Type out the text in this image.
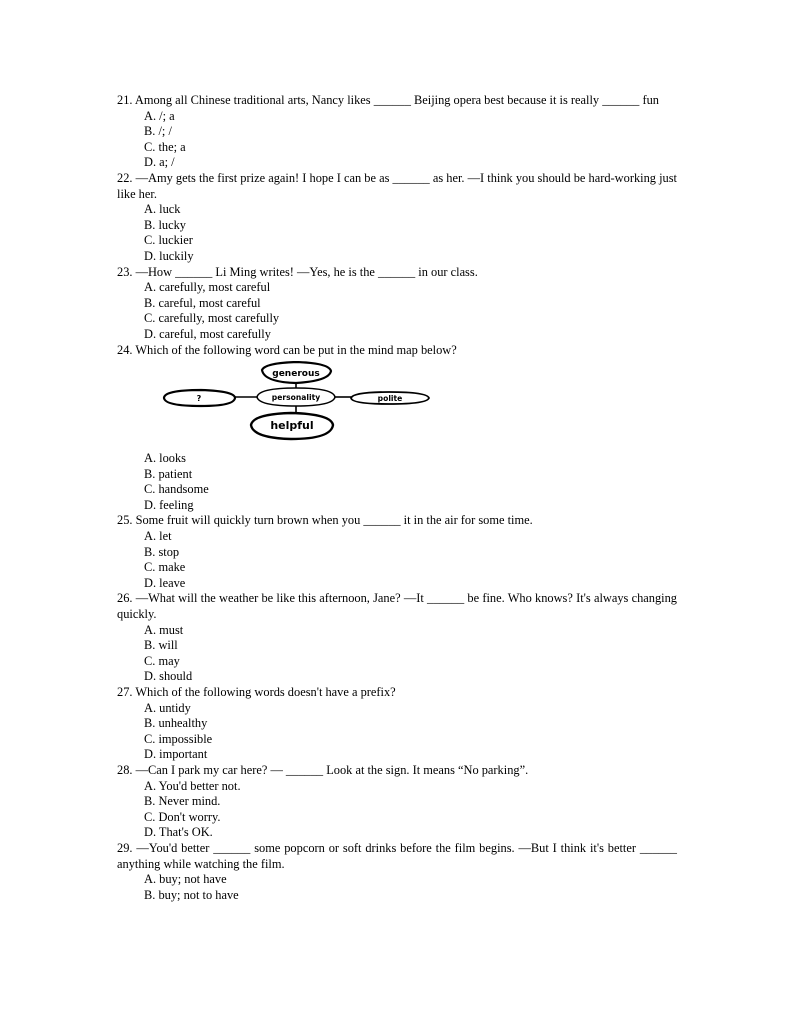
21. Among all Chinese traditional arts, Nancy likes ______ Beijing opera best because it is really ______ fun

A. /; a
B. /; /
C. the; a
D. a; /

22. —Amy gets the first prize again! I hope I can be as ______ as her. —I think you should be hard-working just like her.

A. luck
B. lucky
C. luckier
D. luckily

23. —How ______ Li Ming writes! —Yes, he is the ______ in our class.

A. carefully, most careful
B. careful, most careful
C. carefully, most carefully
D. careful, most carefully

24. Which of the following word can be put in the mind map below?

generous
personality
?	polite
helpful
A. looks
B. patient
C. handsome
D. feeling

25. Some fruit will quickly turn brown when you ______ it in the air for some time.

A. let
B. stop
C. make
D. leave

26. —What will the weather be like this afternoon, Jane? —It ______ be fine. Who knows? It's always changing quickly.

A. must
B. will
C. may
D. should

27. Which of the following words doesn't have a prefix?

A. untidy
B. unhealthy
C. impossible
D. important

28. —Can I park my car here? — ______ Look at the sign. It means “No parking”.

A. You'd better not.
B. Never mind.
C. Don't worry.
D. That's OK.

29. —You'd better ______ some popcorn or soft drinks before the film begins. —But I think it's better ______ anything while watching the film.

A. buy; not have
B. buy; not to have
